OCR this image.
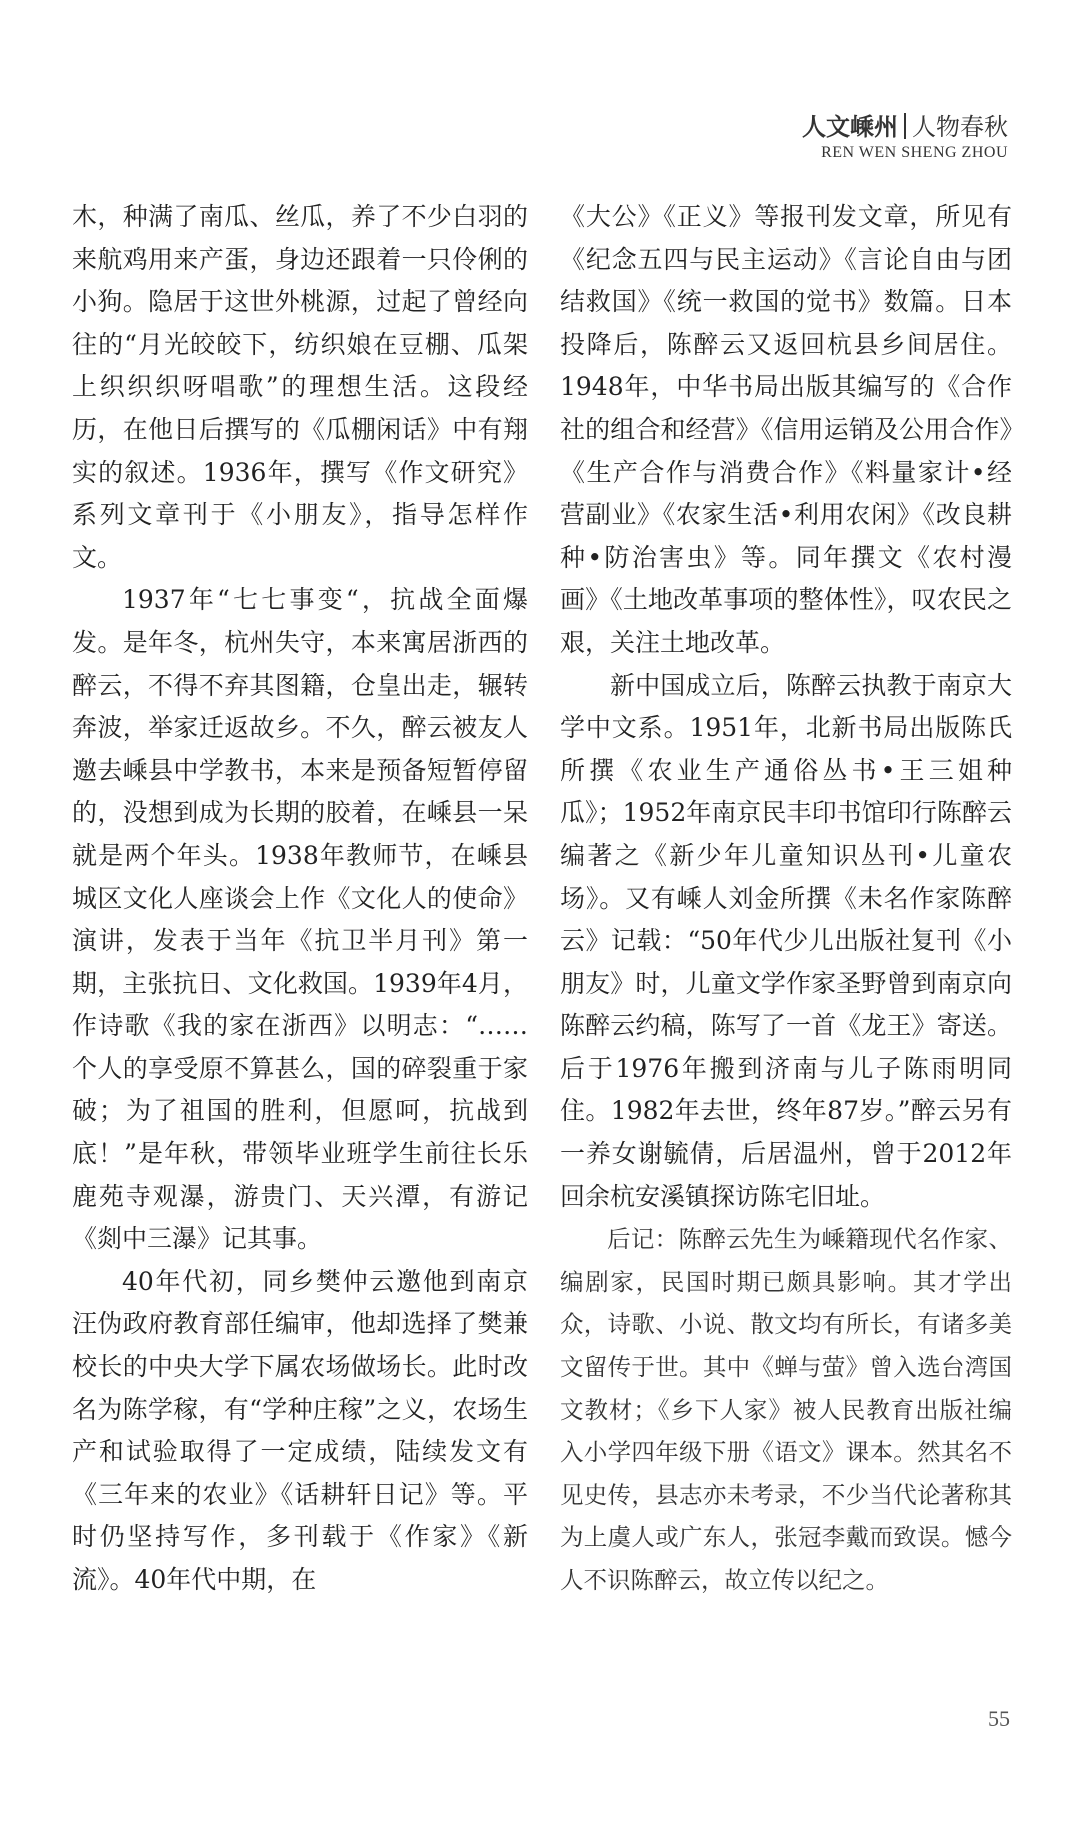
人文嵊州 人物春秋
REN WEN SHENG ZHOU

木，种满了南瓜、丝瓜，养了不少白羽的来航鸡用来产蛋，身边还跟着一只伶俐的小狗。隐居于这世外桃源，过起了曾经向往的“月光皎皎下，纺织娘在豆棚、瓜架上织织织呀唱歌”的理想生活。这段经历，在他日后撰写的《瓜棚闲话》中有翔实的叙述。1936年，撰写《作文研究》系列文章刊于《小朋友》，指导怎样作文。

1937年“七七事变“，抗战全面爆发。是年冬，杭州失守，本来寓居浙西的醉云，不得不弃其图籍，仓皇出走，辗转奔波，举家迁返故乡。不久，醉云被友人邀去嵊县中学教书，本来是预备短暂停留的，没想到成为长期的胶着，在嵊县一呆就是两个年头。1938年教师节，在嵊县城区文化人座谈会上作《文化人的使命》演讲，发表于当年《抗卫半月刊》第一期，主张抗日、文化救国。1939年4月，作诗歌《我的家在浙西》以明志：“……个人的享受原不算甚么，国的碎裂重于家破；为了祖国的胜利，但愿呵，抗战到底！”是年秋，带领毕业班学生前往长乐鹿苑寺观瀑，游贵门、天兴潭，有游记《剡中三瀑》记其事。

40年代初，同乡樊仲云邀他到南京汪伪政府教育部任编审，他却选择了樊兼校长的中央大学下属农场做场长。此时改名为陈学稼，有“学种庄稼”之义，农场生产和试验取得了一定成绩，陆续发文有《三年来的农业》《话耕轩日记》等。平时仍坚持写作，多刊载于《作家》《新流》。40年代中期，在

《大公》《正义》等报刊发文章，所见有《纪念五四与民主运动》《言论自由与团结救国》《统一救国的觉书》数篇。日本投降后，陈醉云又返回杭县乡间居住。1948年，中华书局出版其编写的《合作社的组合和经营》《信用运销及公用合作》《生产合作与消费合作》《料量家计•经营副业》《农家生活•利用农闲》《改良耕种•防治害虫》等。同年撰文《农村漫画》《土地改革事项的整体性》，叹农民之艰，关注土地改革。

新中国成立后，陈醉云执教于南京大学中文系。1951年，北新书局出版陈氏所撰《农业生产通俗丛书•王三姐种瓜》；1952年南京民丰印书馆印行陈醉云编著之《新少年儿童知识丛刊•儿童农场》。又有嵊人刘金所撰《未名作家陈醉云》记载：“50年代少儿出版社复刊《小朋友》时，儿童文学作家圣野曾到南京向陈醉云约稿，陈写了一首《龙王》寄送。后于1976年搬到济南与儿子陈雨明同住。1982年去世，终年87岁。”醉云另有一养女谢毓倩，后居温州，曾于2012年回余杭安溪镇探访陈宅旧址。

后记：陈醉云先生为嵊籍现代名作家、编剧家，民国时期已颇具影响。其才学出众，诗歌、小说、散文均有所长，有诸多美文留传于世。其中《蝉与萤》曾入选台湾国文教材；《乡下人家》被人民教育出版社编入小学四年级下册《语文》课本。然其名不见史传，县志亦未考录，不少当代论著称其为上虞人或广东人，张冠李戴而致误。憾今人不识陈醉云，故立传以纪之。

55
